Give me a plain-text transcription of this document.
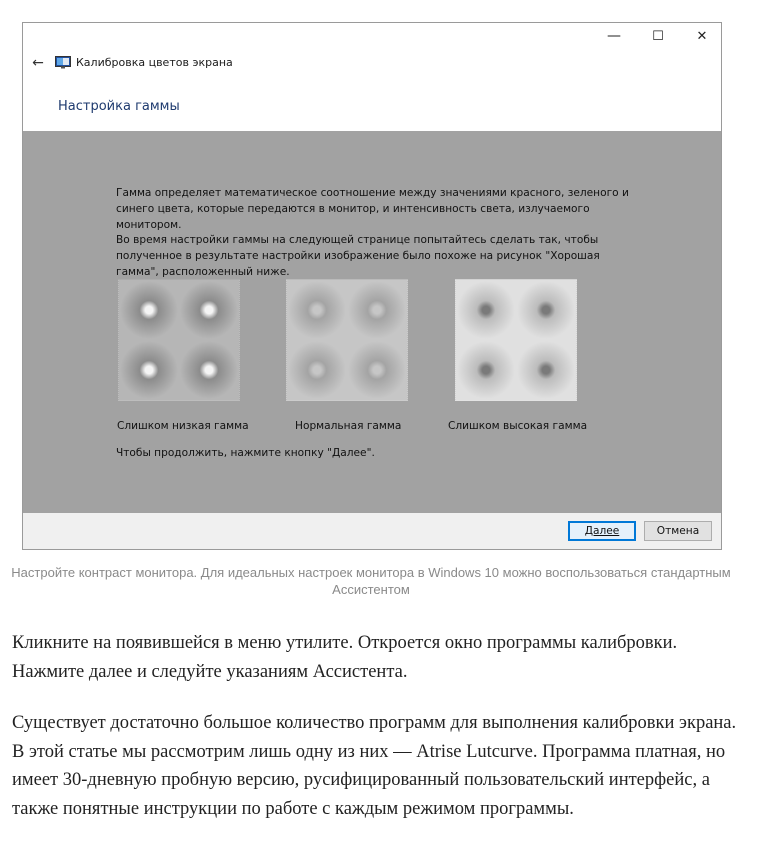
—	☐	✕
←	Калибровка цветов экрана
Настройка гаммы

Гамма определяет математическое соотношение между значениями красного, зеленого и синего цвета, которые передаются в монитор, и интенсивность света, излучаемого монитором.

Во время настройки гаммы на следующей странице попытайтесь сделать так, чтобы полученное в результате настройки изображение было похоже на рисунок "Хорошая гамма", расположенный ниже.

Слишком низкая гамма	Нормальная гамма	Слишком высокая гамма
Чтобы продолжить, нажмите кнопку "Далее".
Далее	Отмена
Настройте контраст монитора. Для идеальных настроек монитора в Windows 10 можно воспользоваться стандартным Ассистентом
Кликните на появившейся в меню утилите. Откроется окно программы калибровки. Нажмите далее и следуйте указаниям Ассистента.
Существует достаточно большое количество программ для выполнения калибровки экрана. В этой статье мы рассмотрим лишь одну из них — Atrise Lutcurve. Программа платная, но имеет 30-дневную пробную версию, русифицированный пользовательский интерфейс, а также понятные инструкции по работе с каждым режимом программы.
